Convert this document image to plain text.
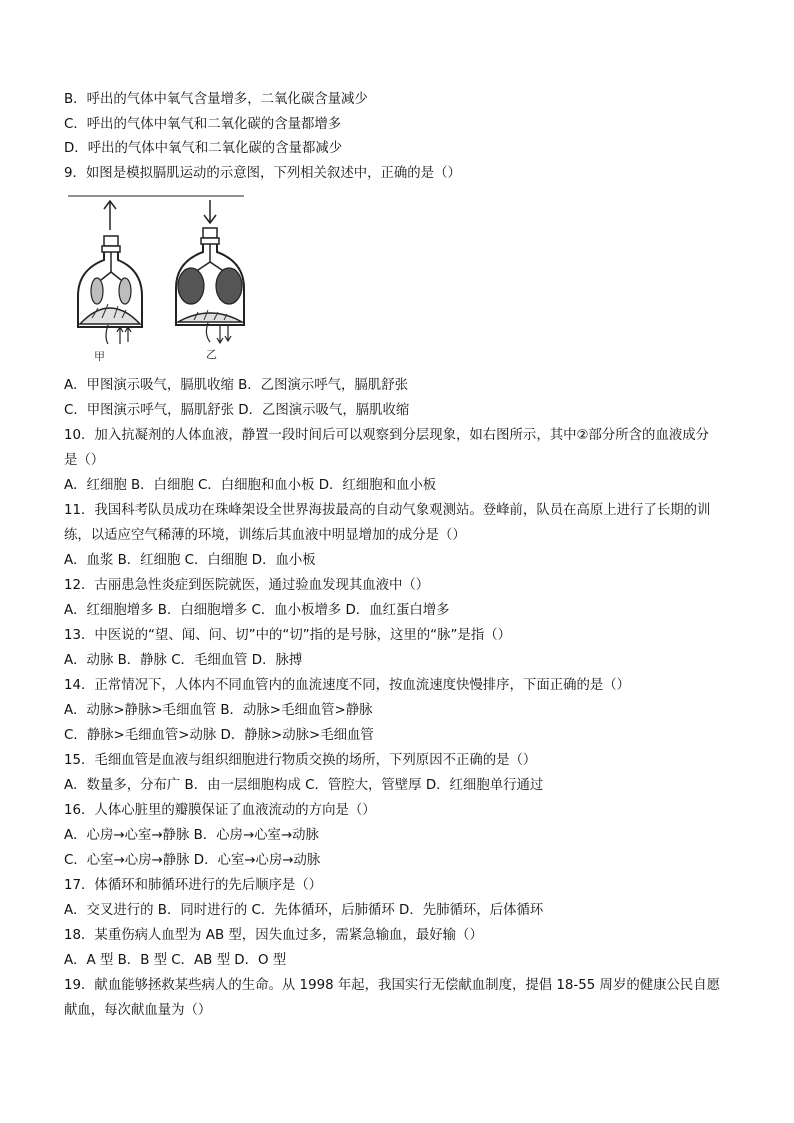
B．呼出的气体中氧气含量增多，二氧化碳含量减少
C．呼出的气体中氧气和二氧化碳的含量都增多
D．呼出的气体中氧气和二氧化碳的含量都减少
9．如图是模拟膈肌运动的示意图，下列相关叙述中，正确的是（）
甲	乙
A．甲图演示吸气，膈肌收缩 B．乙图演示呼气，膈肌舒张
C．甲图演示呼气，膈肌舒张 D．乙图演示吸气，膈肌收缩
10．加入抗凝剂的人体血液，静置一段时间后可以观察到分层现象，如右图所示，其中②部分所含的血液成分
是（）
A．红细胞 B．白细胞 C．白细胞和血小板 D．红细胞和血小板
11．我国科考队员成功在珠峰架设全世界海拔最高的自动气象观测站。登峰前，队员在高原上进行了长期的训
练，以适应空气稀薄的环境，训练后其血液中明显增加的成分是（）
A．血浆 B．红细胞 C．白细胞 D．血小板
12．古丽患急性炎症到医院就医，通过验血发现其血液中（）
A．红细胞增多 B．白细胞增多 C．血小板增多 D．血红蛋白增多
13．中医说的“望、闻、问、切”中的“切”指的是号脉，这里的“脉”是指（）
A．动脉 B．静脉 C．毛细血管 D．脉搏
14．正常情况下，人体内不同血管内的血流速度不同，按血流速度快慢排序，下面正确的是（）
A．动脉>静脉>毛细血管 B．动脉>毛细血管>静脉
C．静脉>毛细血管>动脉 D．静脉>动脉>毛细血管
15．毛细血管是血液与组织细胞进行物质交换的场所，下列原因不正确的是（）
A．数量多，分布广 B．由一层细胞构成 C．管腔大，管壁厚 D．红细胞单行通过
16．人体心脏里的瓣膜保证了血液流动的方向是（）
A．心房→心室→静脉 B．心房→心室→动脉
C．心室→心房→静脉 D．心室→心房→动脉
17．体循环和肺循环进行的先后顺序是（）
A．交叉进行的 B．同时进行的 C．先体循环，后肺循环 D．先肺循环，后体循环
18．某重伤病人血型为 AB 型，因失血过多，需紧急输血，最好输（）
A．A 型 B．B 型 C．AB 型 D．O 型
19．献血能够拯救某些病人的生命。从 1998 年起，我国实行无偿献血制度，提倡 18-55 周岁的健康公民自愿
献血，每次献血量为（）
